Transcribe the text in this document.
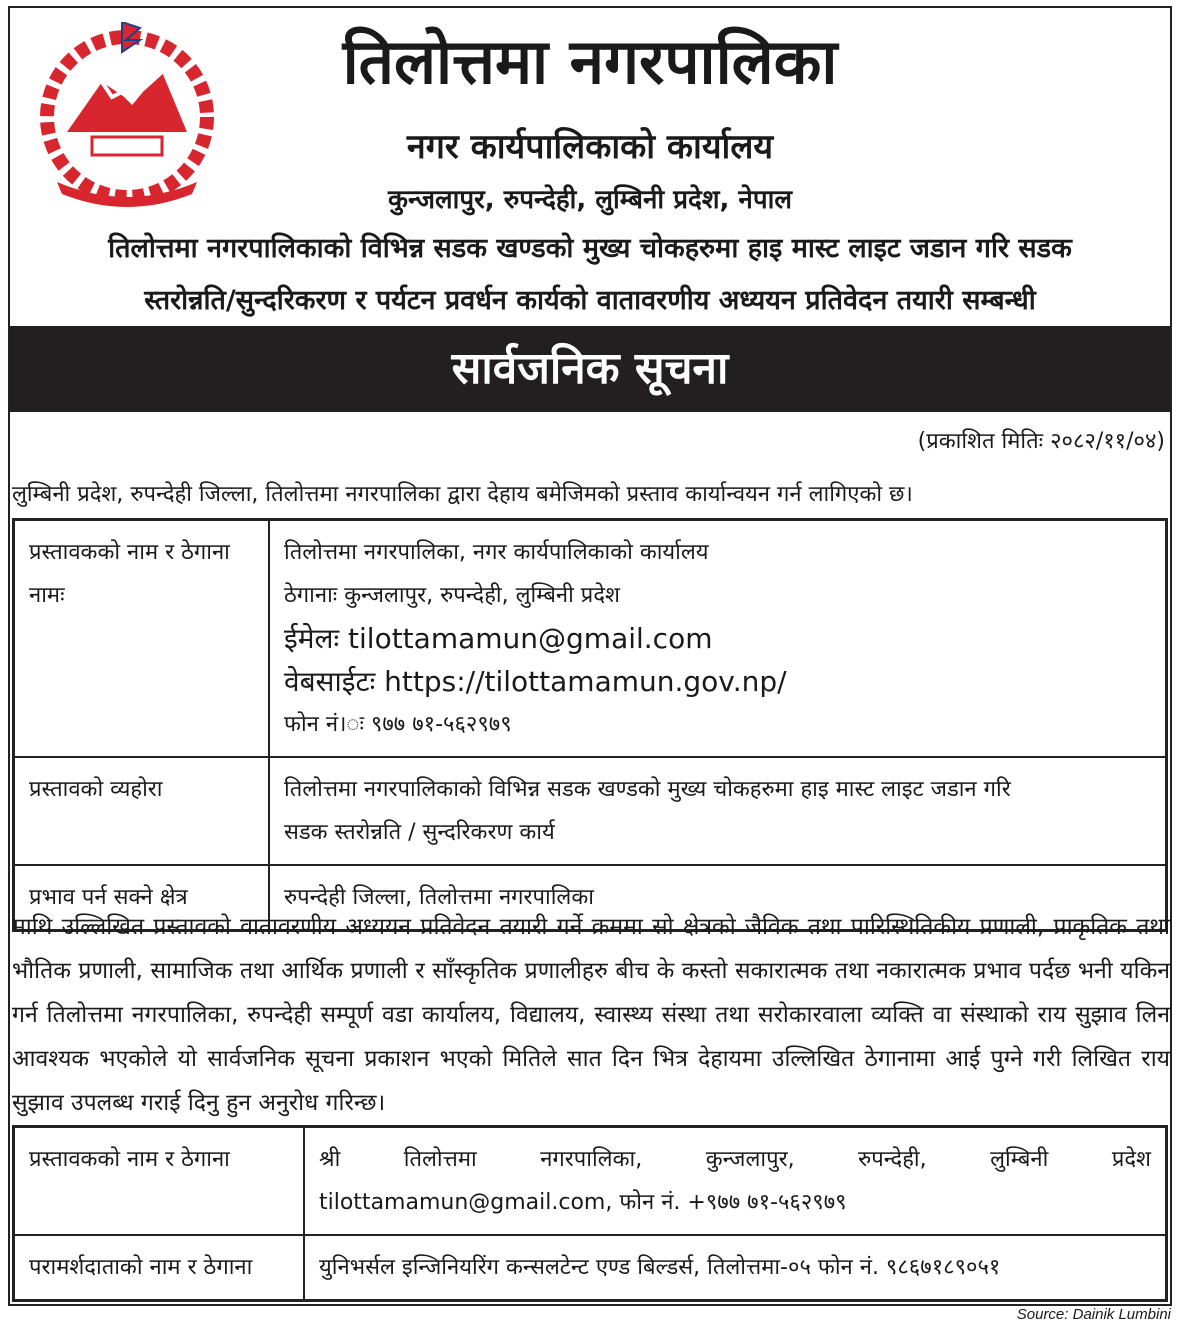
तिलोत्तमा नगरपालिका
नगर कार्यपालिकाको कार्यालय
कुन्जलापुर, रुपन्देही, लुम्बिनी प्रदेश, नेपाल
तिलोत्तमा नगरपालिकाको विभिन्न सडक खण्डको मुख्य चोकहरुमा हाइ मास्ट लाइट जडान गरि सडक
स्तरोन्नति/सुन्दरिकरण र पर्यटन प्रवर्धन कार्यको वातावरणीय अध्ययन प्रतिवेदन तयारी सम्बन्धी
सार्वजनिक सूचना
(प्रकाशित मितिः २०८२/११/०४)
लुम्बिनी प्रदेश, रुपन्देही जिल्ला, तिलोत्तमा नगरपालिका द्वारा देहाय बमेजिमको प्रस्ताव कार्यान्वयन गर्न लागिएको छ।
प्रस्तावकको नाम र ठेगाना नामः	तिलोत्तमा नगरपालिका, नगर कार्यपालिकाको कार्यालय
ठेगानाः कुन्जलापुर, रुपन्देही, लुम्बिनी प्रदेश
ईमेलः tilottamamun@gmail.com
वेबसाईटः https://tilottamamun.gov.np/
फोन नं।ः ९७७ ७१-५६२९७९

प्रस्तावको व्यहोरा	तिलोत्तमा नगरपालिकाको विभिन्न सडक खण्डको मुख्य चोकहरुमा हाइ मास्ट लाइट जडान गरि
सडक स्तरोन्नति / सुन्दरिकरण कार्य

प्रभाव पर्न सक्ने क्षेत्र	रुपन्देही जिल्ला, तिलोत्तमा नगरपालिका
माथि उल्लिखित प्रस्तावको वातावरणीय अध्ययन प्रतिवेदन तयारी गर्ने क्रममा सो क्षेत्रको जैविक तथा पारिस्थितिकीय प्रणाली, प्राकृतिक तथा भौतिक प्रणाली, सामाजिक तथा आर्थिक प्रणाली र साँस्कृतिक प्रणालीहरु बीच के कस्तो सकारात्मक तथा नकारात्मक प्रभाव पर्दछ भनी यकिन गर्न तिलोत्तमा नगरपालिका, रुपन्देही सम्पूर्ण वडा कार्यालय, विद्यालय, स्वास्थ्य संस्था तथा सरोकारवाला व्यक्ति वा संस्थाको राय सुझाव लिन आवश्यक भएकोले यो सार्वजनिक सूचना प्रकाशन भएको मितिले सात दिन भित्र देहायमा उल्लिखित ठेगानामा आई पुग्ने गरी लिखित राय सुझाव उपलब्ध गराई दिनु हुन अनुरोध गरिन्छ।
प्रस्तावकको नाम र ठेगाना	श्री तिलोत्तमा नगरपालिका, कुन्जलापुर, रुपन्देही, लुम्बिनी प्रदेश
tilottamamun@gmail.com, फोन नं. +९७७ ७१-५६२९७९

परामर्शदाताको नाम र ठेगाना	युनिभर्सल इन्जिनियरिंग कन्सलटेन्ट एण्ड बिल्डर्स, तिलोत्तमा-०५ फोन नं. ९८६७१८९०५१
Source: Dainik Lumbini
